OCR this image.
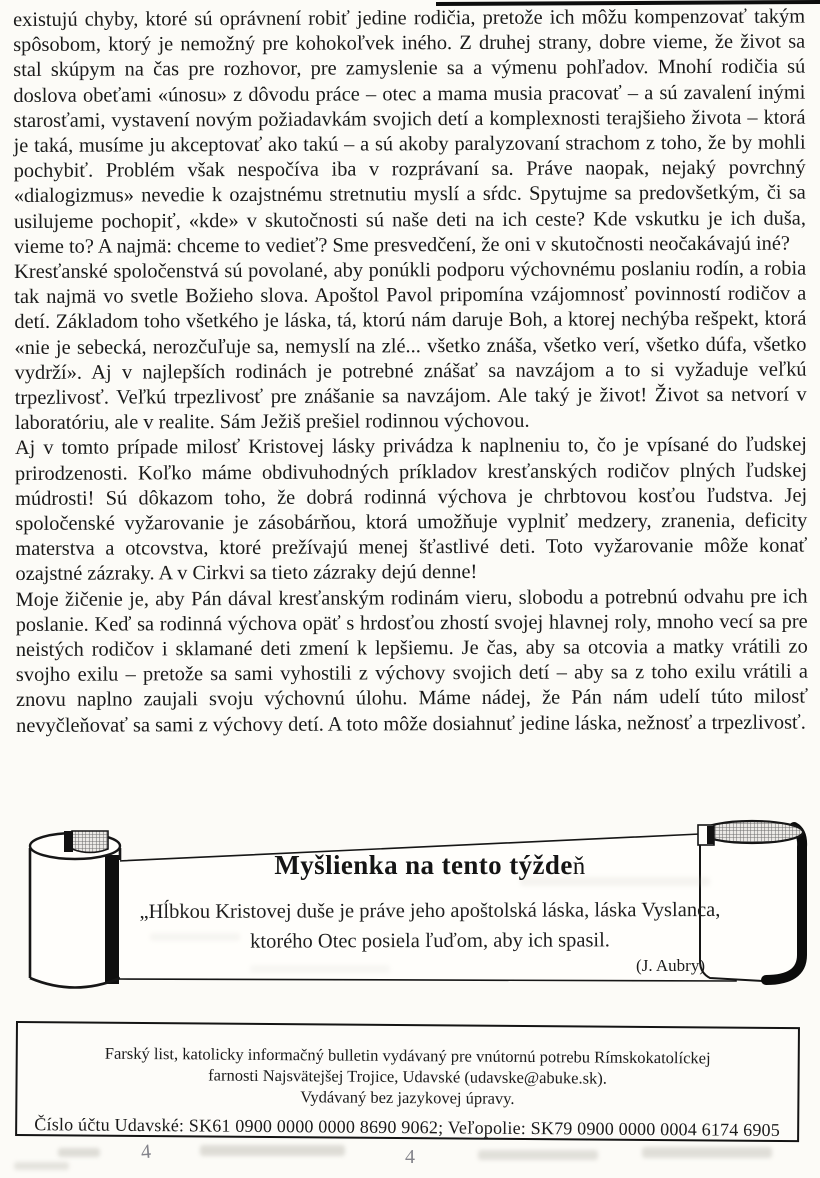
existujú chyby, ktoré sú oprávnení robiť jedine rodičia, pretože ich môžu kompenzovať takým spôsobom, ktorý je nemožný pre kohokoľvek iného. Z druhej strany, dobre vieme, že život sa stal skúpym na čas pre rozhovor, pre zamyslenie sa a výmenu pohľadov. Mnohí rodičia sú doslova obeťami «únosu» z dôvodu práce – otec a mama musia pracovať – a sú zavalení inými starosťami, vystavení novým požiadavkám svojich detí a komplexnosti terajšieho života – ktorá je taká, musíme ju akceptovať ako takú – a sú akoby paralyzovaní strachom z toho, že by mohli pochybiť. Problém však nespočíva iba v rozprávaní sa. Práve naopak, nejaký povrchný «dialogizmus» nevedie k ozajstnému stretnutiu myslí a sŕdc. Spytujme sa predovšetkým, či sa usilujeme pochopiť, «kde» v skutočnosti sú naše deti na ich ceste? Kde vskutku je ich duša, vieme to? A najmä: chceme to vedieť? Sme presvedčení, že oni v skutočnosti neočakávajú iné?

Kresťanské spoločenstvá sú povolané, aby ponúkli podporu výchovnému poslaniu rodín, a robia tak najmä vo svetle Božieho slova. Apoštol Pavol pripomína vzájomnosť povinností rodičov a detí. Základom toho všetkého je láska, tá, ktorú nám daruje Boh, a ktorej nechýba rešpekt, ktorá «nie je sebecká, nerozčuľuje sa, nemyslí na zlé... všetko znáša, všetko verí, všetko dúfa, všetko vydrží». Aj v najlepších rodinách je potrebné znášať sa navzájom a to si vyžaduje veľkú trpezlivosť. Veľkú trpezlivosť pre znášanie sa navzájom. Ale taký je život! Život sa netvorí v laboratóriu, ale v realite. Sám Ježiš prešiel rodinnou výchovou.

Aj v tomto prípade milosť Kristovej lásky privádza k naplneniu to, čo je vpísané do ľudskej prirodzenosti. Koľko máme obdivuhodných príkladov kresťanských rodičov plných ľudskej múdrosti! Sú dôkazom toho, že dobrá rodinná výchova je chrbtovou kosťou ľudstva. Jej spoločenské vyžarovanie je zásobárňou, ktorá umožňuje vyplniť medzery, zranenia, deficity materstva a otcovstva, ktoré prežívajú menej šťastlivé deti. Toto vyžarovanie môže konať ozajstné zázraky. A v Cirkvi sa tieto zázraky dejú denne!

Moje žičenie je, aby Pán dával kresťanským rodinám vieru, slobodu a potrebnú odvahu pre ich poslanie. Keď sa rodinná výchova opäť s hrdosťou zhostí svojej hlavnej roly, mnoho vecí sa pre neistých rodičov i sklamané deti zmení k lepšiemu. Je čas, aby sa otcovia a matky vrátili zo svojho exilu – pretože sa sami vyhostili z výchovy svojich detí – aby sa z toho exilu vrátili a znovu naplno zaujali svoju výchovnú úlohu. Máme nádej, že Pán nám udelí túto milosť nevyčleňovať sa sami z výchovy detí. A toto môže dosiahnuť jedine láska, nežnosť a trpezlivosť.

Myšlienka na tento týždeň

„Hĺbkou Kristovej duše je práve jeho apoštolská láska, láska Vyslanca,
ktorého Otec posiela ľuďom, aby ich spasil.

(J. Aubry)

Farský list, katolicky informačný bulletin vydávaný pre vnútornú potrebu Rímskokatolíckej
farnosti Najsvätejšej Trojice, Udavské (udavske@abuke.sk).

Vydávaný bez jazykovej úpravy.

Číslo účtu Udavské: SK61 0900 0000 0000 8690 9062; Veľopolie: SK79 0900 0000 0004 6174 6905

4	4
